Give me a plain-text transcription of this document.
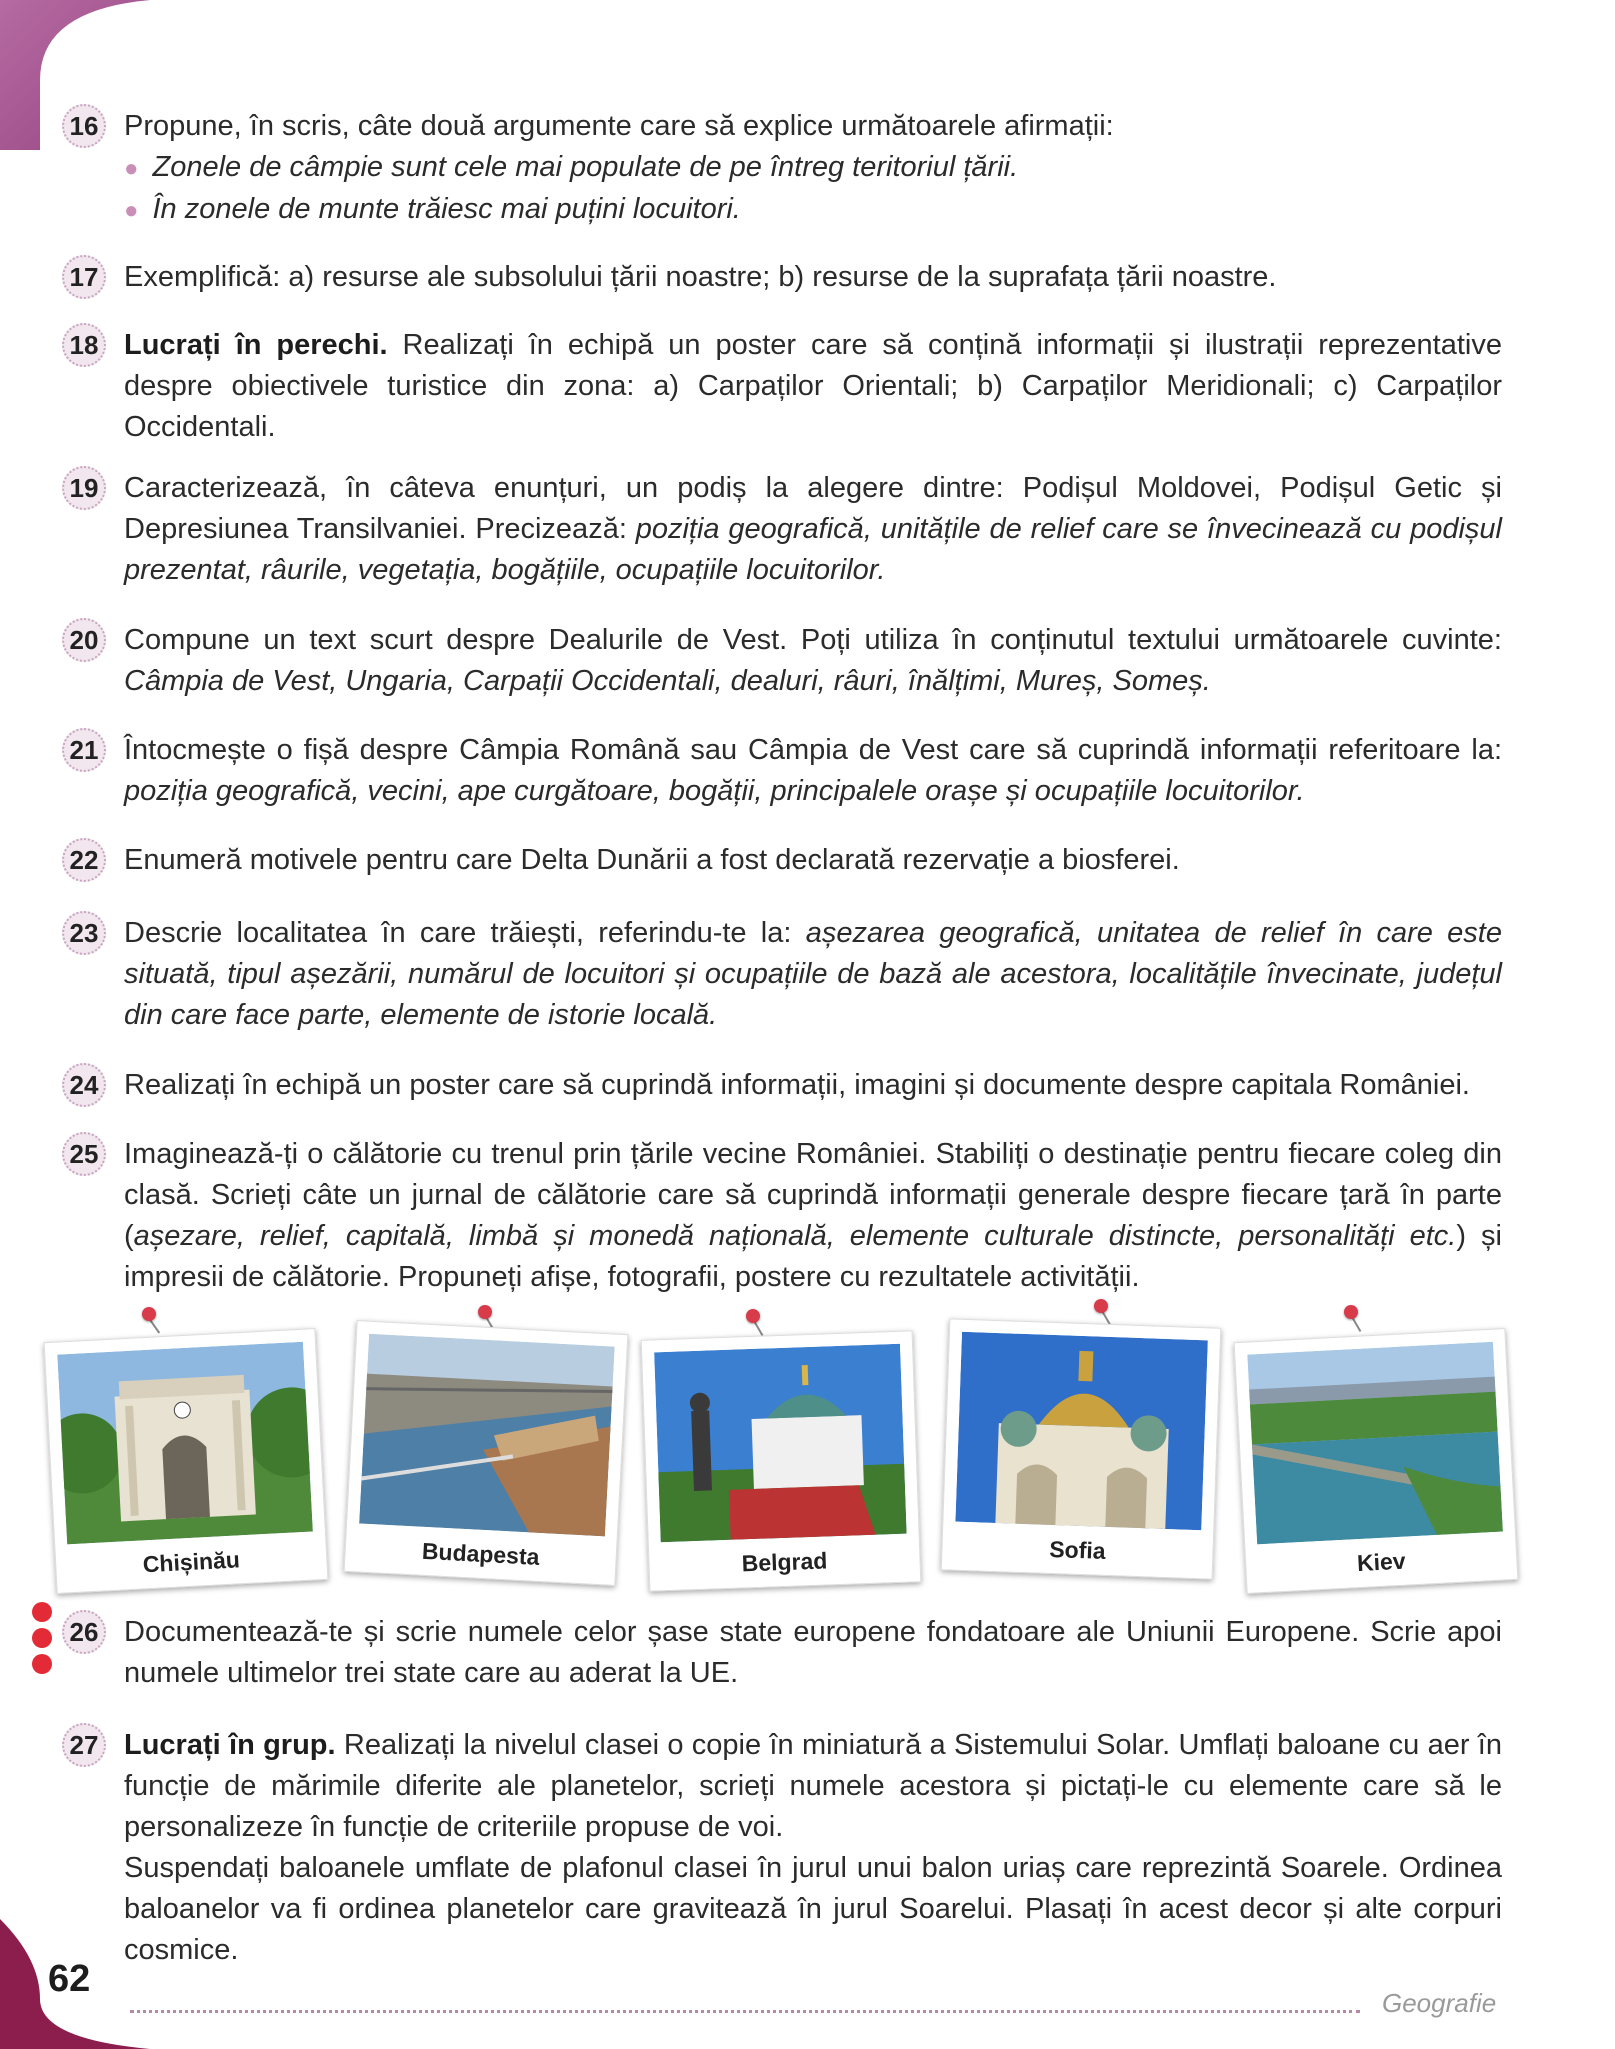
62
Geografie
16 Propune, în scris, câte două argumente care să explice următoarele afirmații:
● Zonele de câmpie sunt cele mai populate de pe întreg teritoriul țării.
● În zonele de munte trăiesc mai puțini locuitori.
17 Exemplifică: a) resurse ale subsolului țării noastre; b) resurse de la suprafața țării noastre.
18 Lucrați în perechi. Realizați în echipă un poster care să conțină informații și ilustrații reprezentative despre obiectivele turistice din zona: a) Carpaților Orientali; b) Carpaților Meridionali; c) Carpaților Occidentali.
19 Caracterizează, în câteva enunțuri, un podiș la alegere dintre: Podișul Moldovei, Podișul Getic și Depresiunea Transilvaniei. Precizează: poziția geografică, unitățile de relief care se învecinează cu podișul prezentat, râurile, vegetația, bogățiile, ocupațiile locuitorilor.
20 Compune un text scurt despre Dealurile de Vest. Poți utiliza în conținutul textului următoarele cuvinte: Câmpia de Vest, Ungaria, Carpații Occidentali, dealuri, râuri, înălțimi, Mureș, Someș.
21 Întocmește o fișă despre Câmpia Română sau Câmpia de Vest care să cuprindă informații referitoare la: poziția geografică, vecini, ape curgătoare, bogății, principalele orașe și ocupațiile locuitorilor.
22 Enumeră motivele pentru care Delta Dunării a fost declarată rezervație a biosferei.
23 Descrie localitatea în care trăiești, referindu-te la: așezarea geografică, unitatea de relief în care este situată, tipul așezării, numărul de locuitori și ocupațiile de bază ale acestora, localitățile învecinate, județul din care face parte, elemente de istorie locală.
24 Realizați în echipă un poster care să cuprindă informații, imagini și documente despre capitala României.
25 Imaginează-ți o călătorie cu trenul prin țările vecine României. Stabiliți o destinație pentru fiecare coleg din clasă. Scrieți câte un jurnal de călătorie care să cuprindă informații generale despre fiecare țară în parte (așezare, relief, capitală, limbă și monedă națională, elemente culturale distincte, personalități etc.) și impresii de călătorie. Propuneți afișe, fotografii, postere cu rezultatele activității.
Chișinău	Budapesta	Belgrad	Sofia	Kiev
26 Documentează-te și scrie numele celor șase state europene fondatoare ale Uniunii Europene. Scrie apoi numele ultimelor trei state care au aderat la UE.
27 Lucrați în grup. Realizați la nivelul clasei o copie în miniatură a Sistemului Solar. Umflați baloane cu aer în funcție de mărimile diferite ale planetelor, scrieți numele acestora și pictați-le cu elemente care să le personalizeze în funcție de criteriile propuse de voi.
Suspendați baloanele umflate de plafonul clasei în jurul unui balon uriaș care reprezintă Soarele. Ordinea baloanelor va fi ordinea planetelor care gravitează în jurul Soarelui. Plasați în acest decor și alte corpuri cosmice.
